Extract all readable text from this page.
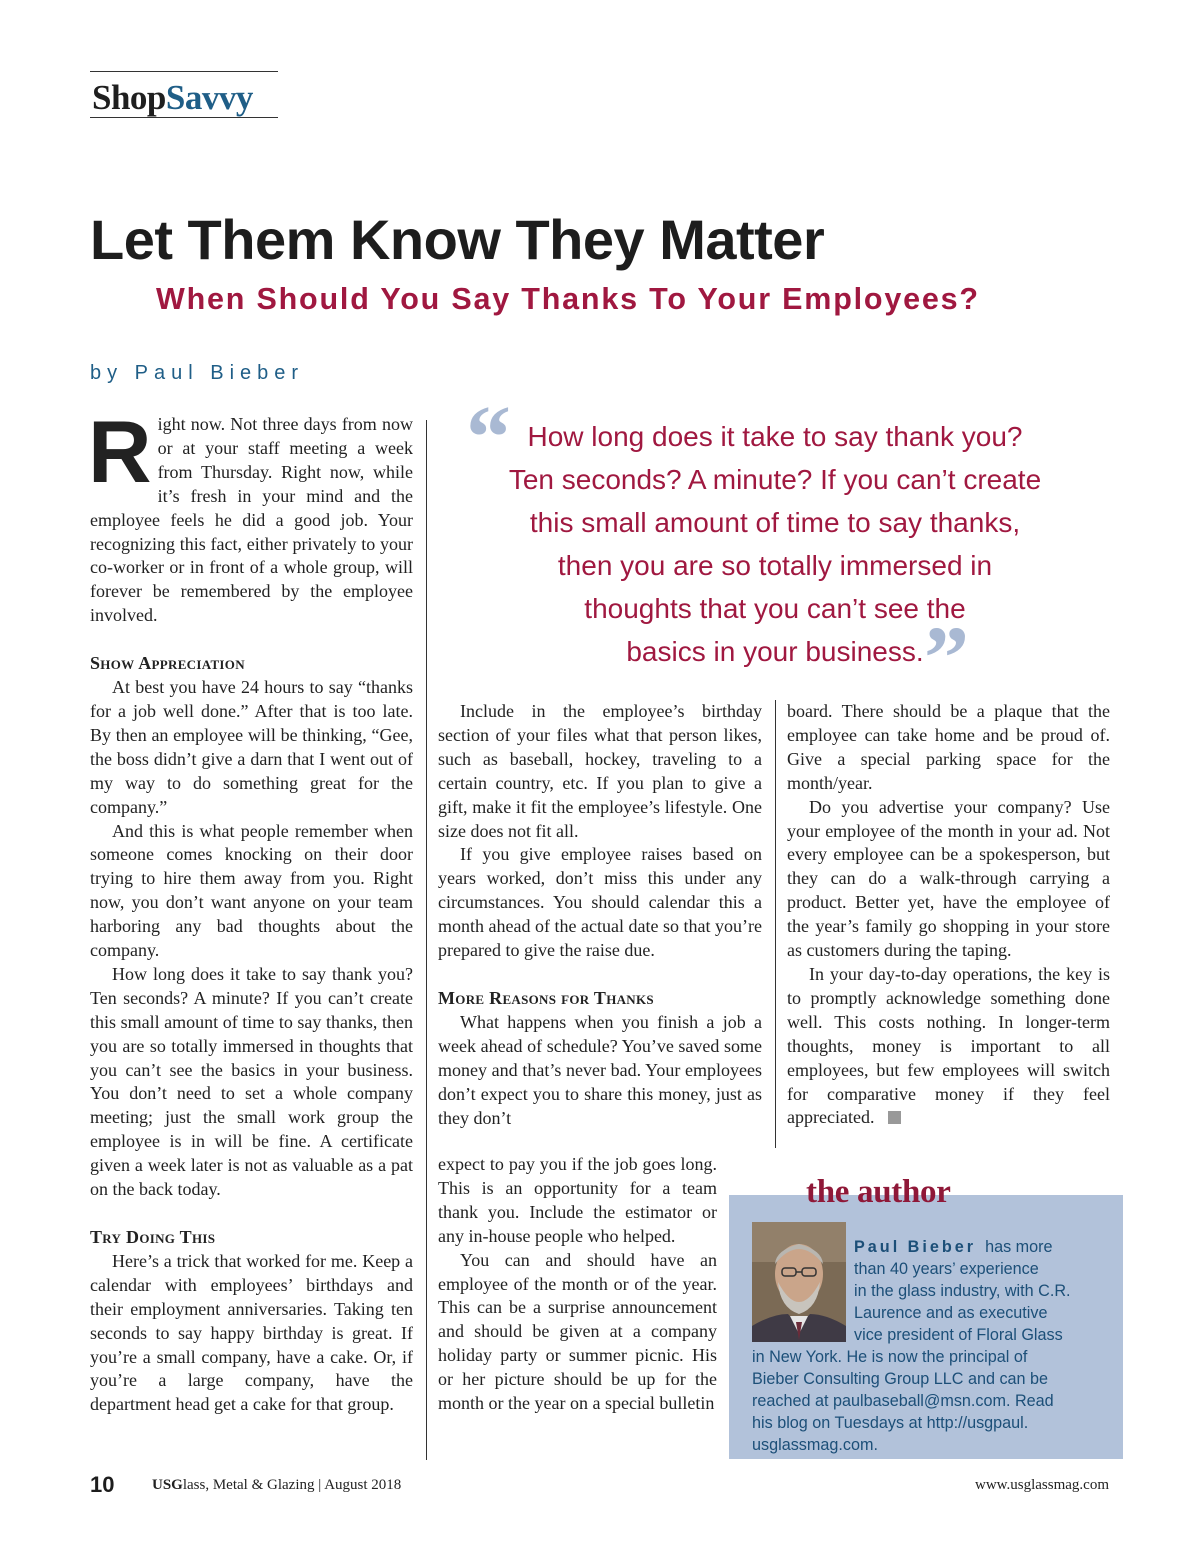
ShopSavvy
Let Them Know They Matter
When Should You Say Thanks To Your Employees?
by Paul Bieber

Right now. Not three days from now or at your staff meeting a week from Thursday. Right now, while it’s fresh in your mind and the employee feels he did a good job. Your recognizing this fact, either privately to your co-worker or in front of a whole group, will forever be remembered by the employee involved.

Show Appreciation

At best you have 24 hours to say “thanks for a job well done.” After that is too late. By then an employee will be thinking, “Gee, the boss didn’t give a darn that I went out of my way to do something great for the company.”

And this is what people remember when someone comes knocking on their door trying to hire them away from you. Right now, you don’t want anyone on your team harboring any bad thoughts about the company.

How long does it take to say thank you? Ten seconds? A minute? If you can’t create this small amount of time to say thanks, then you are so totally immersed in thoughts that you can’t see the basics in your business. You don’t need to set a whole company meeting; just the small work group the employee is in will be fine. A certificate given a week later is not as valuable as a pat on the back today.

Try Doing This

Here’s a trick that worked for me. Keep a calendar with employees’ birthdays and their employment anniversaries. Taking ten seconds to say happy birthday is great. If you’re a small company, have a cake. Or, if you’re a large company, have the department head get a cake for that group.

“ How long does it take to say thank you?
Ten seconds? A minute? If you can’t create
this small amount of time to say thanks,
then you are so totally immersed in
thoughts that you can’t see the
basics in your business. ”

Include in the employee’s birthday section of your files what that person likes, such as baseball, hockey, traveling to a certain country, etc. If you plan to give a gift, make it fit the employee’s lifestyle. One size does not fit all.

If you give employee raises based on years worked, don’t miss this under any circumstances. You should calendar this a month ahead of the actual date so that you’re prepared to give the raise due.

More Reasons for Thanks

What happens when you finish a job a week ahead of schedule? You’ve saved some money and that’s never bad. Your employees don’t expect you to share this money, just as they don’t

expect to pay you if the job goes long. This is an opportunity for a team thank you. Include the estimator or any in-house people who helped.

You can and should have an employee of the month or of the year. This can be a surprise announcement and should be given at a company holiday party or summer picnic. His or her picture should be up for the month or the year on a special bulletin

board. There should be a plaque that the employee can take home and be proud of. Give a special parking space for the month/year.

Do you advertise your company? Use your employee of the month in your ad. Not every employee can be a spokesperson, but they can do a walk-through carrying a product. Better yet, have the employee of the year’s family go shopping in your store as customers during the taping.

In your day-to-day operations, the key is to promptly acknowledge something done well. This costs nothing. In longer-term thoughts, money is important to all employees, but few employees will switch for comparative money if they feel appreciated.

the author
Paul Bieber has more
than 40 years’ experience
in the glass industry, with C.R.
Laurence and as executive
vice president of Floral Glass
in New York. He is now the principal of
Bieber Consulting Group LLC and can be
reached at paulbaseball@msn.com. Read
his blog on Tuesdays at http://usgpaul.
usglassmag.com.
10	USGlass, Metal & Glazing | August 2018	www.usglassmag.com
